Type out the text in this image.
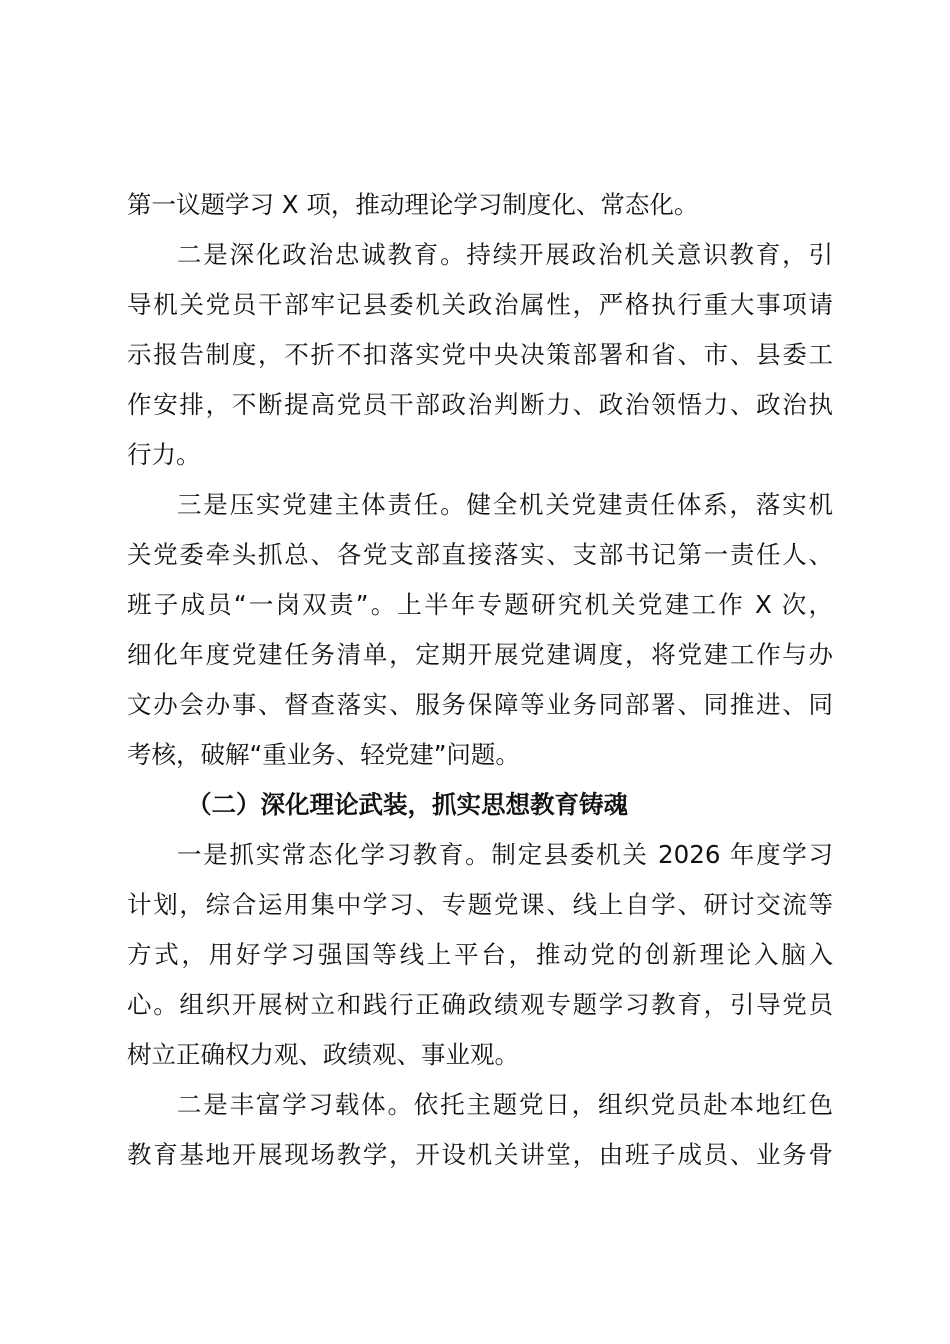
第一议题学习 X 项，推动理论学习制度化、常态化。
二是深化政治忠诚教育。持续开展政治机关意识教育，引
导机关党员干部牢记县委机关政治属性，严格执行重大事项请
示报告制度，不折不扣落实党中央决策部署和省、市、县委工
作安排，不断提高党员干部政治判断力、政治领悟力、政治执
行力。
三是压实党建主体责任。健全机关党建责任体系，落实机
关党委牵头抓总、各党支部直接落实、支部书记第一责任人、
班子成员“一岗双责”。上半年专题研究机关党建工作 X 次，
细化年度党建任务清单，定期开展党建调度，将党建工作与办
文办会办事、督查落实、服务保障等业务同部署、同推进、同
考核，破解“重业务、轻党建”问题。
（二）深化理论武装，抓实思想教育铸魂
一是抓实常态化学习教育。制定县委机关 2026 年度学习
计划，综合运用集中学习、专题党课、线上自学、研讨交流等
方式，用好学习强国等线上平台，推动党的创新理论入脑入
心。组织开展树立和践行正确政绩观专题学习教育，引导党员
树立正确权力观、政绩观、事业观。
二是丰富学习载体。依托主题党日，组织党员赴本地红色
教育基地开展现场教学，开设机关讲堂，由班子成员、业务骨
